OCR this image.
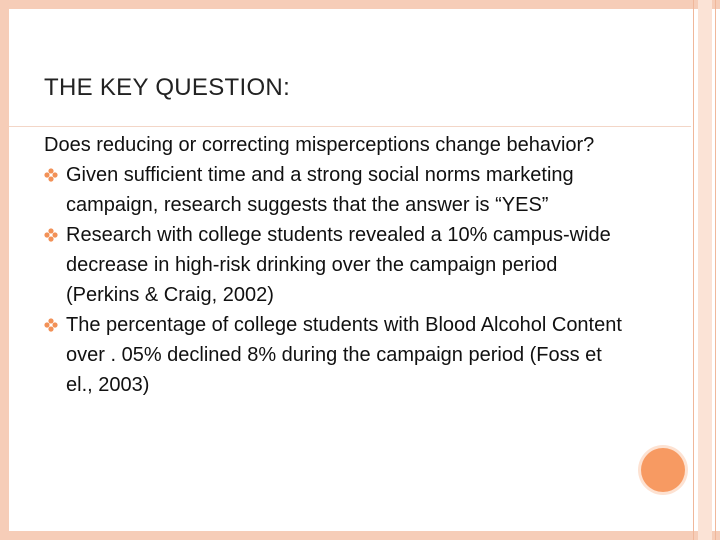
THE KEY QUESTION:
Does reducing or correcting misperceptions change behavior?
Given sufficient time and a strong social norms marketing campaign, research suggests that the answer is “YES”
Research with college students revealed a 10% campus-wide decrease in high-risk drinking over the campaign period (Perkins & Craig, 2002)
The percentage of college students with Blood Alcohol Content over . 05% declined 8% during the campaign period (Foss et el., 2003)
